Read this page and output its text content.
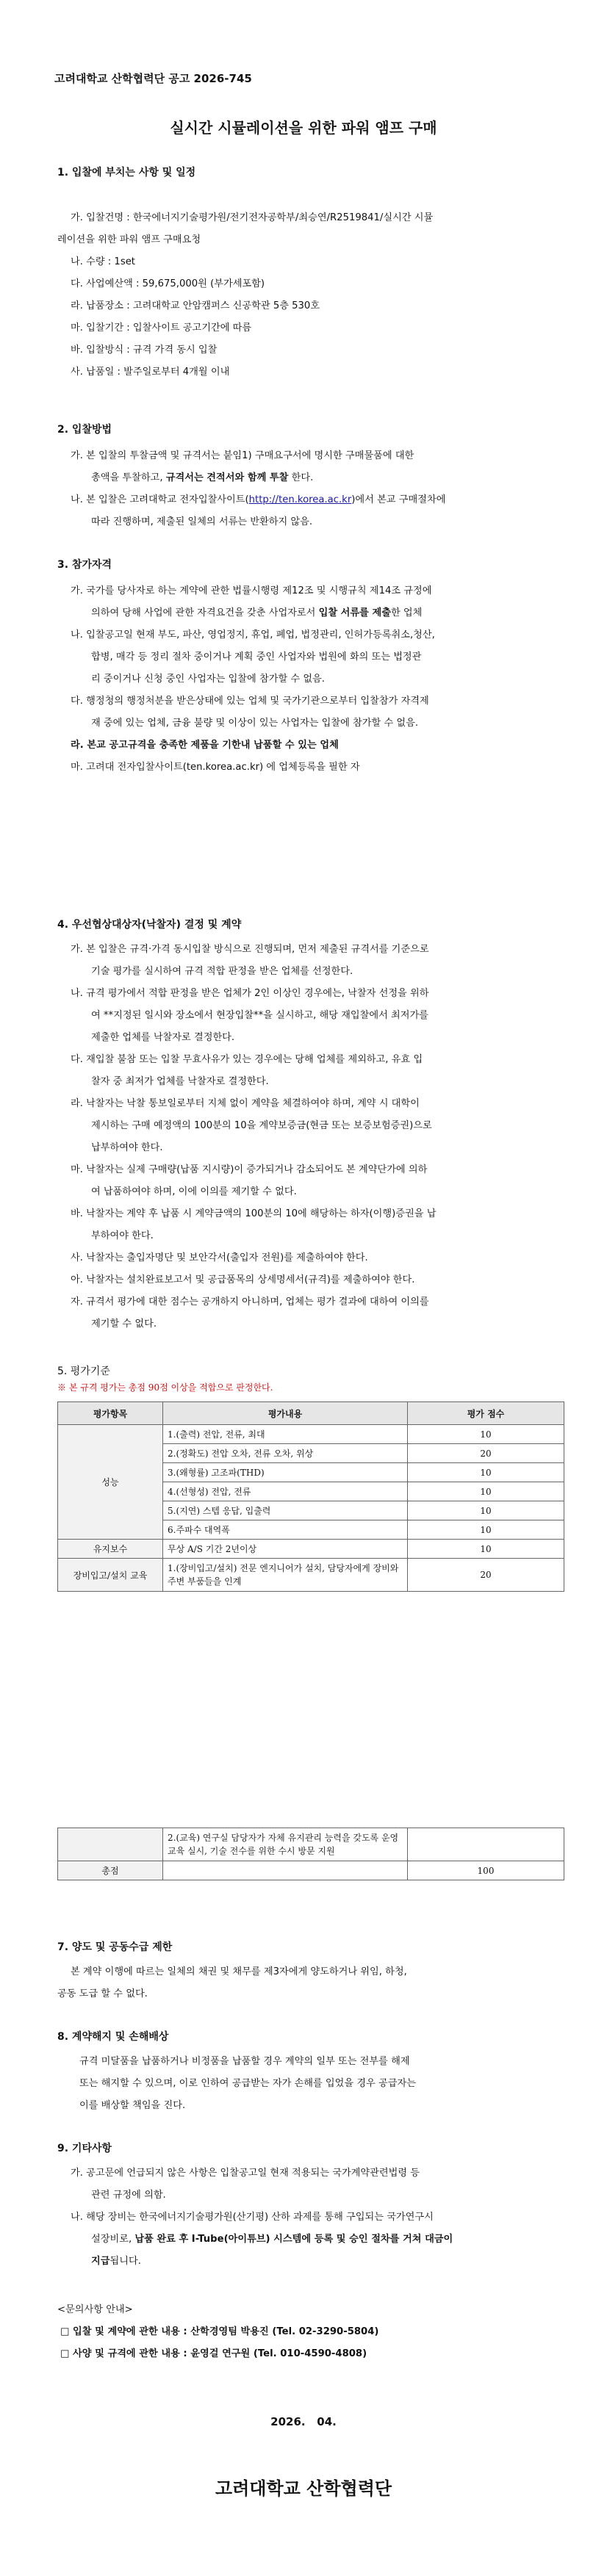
고려대학교 산학협력단 공고 2026-745
실시간 시뮬레이션을 위한 파워 앰프 구매
1. 입찰에 부치는 사항 및 일정
가. 입찰건명 : 한국에너지기술평가원/전기전자공학부/최승연/R2519841/실시간 시뮬
레이션을 위한 파워 앰프 구매요청
나. 수량 : 1set
다. 사업예산액 : 59,675,000원 (부가세포함)
라. 납품장소 : 고려대학교 안암캠퍼스 신공학관 5층 530호
마. 입찰기간 : 입찰사이트 공고기간에 따름
바. 입찰방식 : 규격 가격 동시 입찰
사. 납품일 : 발주일로부터 4개월 이내
2. 입찰방법
가. 본 입찰의 투찰금액 및 규격서는 붙임1) 구매요구서에 명시한 구매물품에 대한
총액을 투찰하고, 규격서는 견적서와 함께 투찰 한다.
나. 본 입찰은 고려대학교 전자입찰사이트(http://ten.korea.ac.kr)에서 본교 구매절차에
따라 진행하며, 제출된 일체의 서류는 반환하지 않음.
3. 참가자격
가. 국가를 당사자로 하는 계약에 관한 법률시행령 제12조 및 시행규칙 제14조 규정에
의하여 당해 사업에 관한 자격요건을 갖춘 사업자로서 입찰 서류를 제출한 업체
나. 입찰공고일 현재 부도, 파산, 영업정지, 휴업, 폐업, 법정관리, 인허가등록취소,청산,
합병, 매각 등 정리 절차 중이거나 계획 중인 사업자와 법원에 화의 또는 법정관
리 중이거나 신청 중인 사업자는 입찰에 참가할 수 없음.
다. 행정청의 행정처분을 받은상태에 있는 업체 및 국가기관으로부터 입찰참가 자격제
재 중에 있는 업체, 금융 불량 및 이상이 있는 사업자는 입찰에 참가할 수 없음.
라. 본교 공고규격을 충족한 제품을 기한내 납품할 수 있는 업체
마. 고려대 전자입찰사이트(ten.korea.ac.kr) 에 업체등록을 필한 자
4. 우선협상대상자(낙찰자) 결정 및 계약
가. 본 입찰은 규격·가격 동시입찰 방식으로 진행되며, 먼저 제출된 규격서를 기준으로
기술 평가를 실시하여 규격 적합 판정을 받은 업체를 선정한다.
나. 규격 평가에서 적합 판정을 받은 업체가 2인 이상인 경우에는, 낙찰자 선정을 위하
여 **지정된 일시와 장소에서 현장입찰**을 실시하고, 해당 재입찰에서 최저가를
제출한 업체를 낙찰자로 결정한다.
다. 재입찰 불참 또는 입찰 무효사유가 있는 경우에는 당해 업체를 제외하고, 유효 입
찰자 중 최저가 업체를 낙찰자로 결정한다.
라. 낙찰자는 낙찰 통보일로부터 지체 없이 계약을 체결하여야 하며, 계약 시 대학이
제시하는 구매 예정액의 100분의 10을 계약보증금(현금 또는 보증보험증권)으로
납부하여야 한다.
마. 낙찰자는 실제 구매량(납품 지시량)이 증가되거나 감소되어도 본 계약단가에 의하
여 납품하여야 하며, 이에 이의를 제기할 수 없다.
바. 낙찰자는 계약 후 납품 시 계약금액의 100분의 10에 해당하는 하자(이행)증권을 납
부하여야 한다.
사. 낙찰자는 출입자명단 및 보안각서(출입자 전원)를 제출하여야 한다.
아. 낙찰자는 설치완료보고서 및 공급품목의 상세명세서(규격)를 제출하여야 한다.
자. 규격서 평가에 대한 점수는 공개하지 아니하며, 업체는 평가 결과에 대하여 이의를
제기할 수 없다.
5. 평가기준
※ 본 규격 평가는 총점 90점 이상을 적합으로 판정한다.
평가항목	평가내용	평가 점수
성능	1.(출력) 전압, 전류, 최대	10
	2.(정확도) 전압 오차, 전류 오차, 위상	20
	3.(왜형률) 고조파(THD)	10
	4.(선형성) 전압, 전류	10
	5.(지연) 스텝 응답, 입출력	10
	6.주파수 대역폭	10
유지보수	무상 A/S 기간 2년이상	10
장비입고/설치 교육	1.(장비입고/설치) 전문 엔지니어가 설치, 담당자에게 장비와 주변 부품들을 인계	20
	2.(교육) 연구실 담당자가 자체 유지관리 능력을 갖도록 운영교육 실시, 기술 전수를 위한 수시 방문 지원	
총점		100
7. 양도 및 공동수급 제한
본 계약 이행에 따르는 일체의 채권 및 채무를 제3자에게 양도하거나 위임, 하청,
공동 도급 할 수 없다.
8. 계약해지 및 손해배상
규격 미달품을 납품하거나 비정품을 납품할 경우 계약의 일부 또는 전부를 해제
또는 해지할 수 있으며, 이로 인하여 공급받는 자가 손해를 입었을 경우 공급자는
이를 배상할 책임을 진다.
9. 기타사항
가. 공고문에 언급되지 않은 사항은 입찰공고일 현재 적용되는 국가계약관련법령 등
관련 규정에 의함.
나. 해당 장비는 한국에너지기술평가원(산기평) 산하 과제를 통해 구입되는 국가연구시
설장비로, 납품 완료 후 I-Tube(아이튜브) 시스템에 등록 및 승인 절차를 거쳐 대금이
지급됩니다.
<문의사항 안내>
□ 입찰 및 계약에 관한 내용 : 산학경영팀 박용진 (Tel. 02-3290-5804)
□ 사양 및 규격에 관한 내용 : 윤영걸 연구원 (Tel. 010-4590-4808)
2026.   04.
고려대학교 산학협력단
